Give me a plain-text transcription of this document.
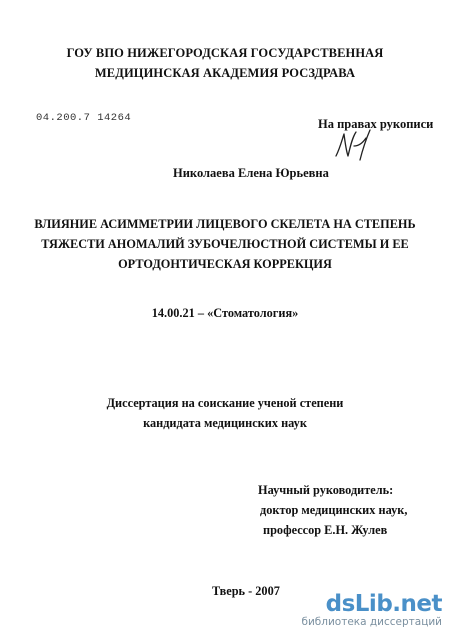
ГОУ ВПО НИЖЕГОРОДСКАЯ ГОСУДАРСТВЕННАЯ
МЕДИЦИНСКАЯ АКАДЕМИЯ РОСЗДРАВА
04.200.7 14264	На правах рукописи
Николаева Елена Юрьевна
ВЛИЯНИЕ АСИММЕТРИИ ЛИЦЕВОГО СКЕЛЕТА НА СТЕПЕНЬ
ТЯЖЕСТИ АНОМАЛИЙ ЗУБОЧЕЛЮСТНОЙ СИСТЕМЫ И ЕЕ
ОРТОДОНТИЧЕСКАЯ КОРРЕКЦИЯ
14.00.21 – «Стоматология»
Диссертация на соискание ученой степени
кандидата медицинских наук
Научный руководитель:
доктор медицинских наук,
профессор Е.Н. Жулев
Тверь - 2007	dsLib.net
библиотека диссертаций
